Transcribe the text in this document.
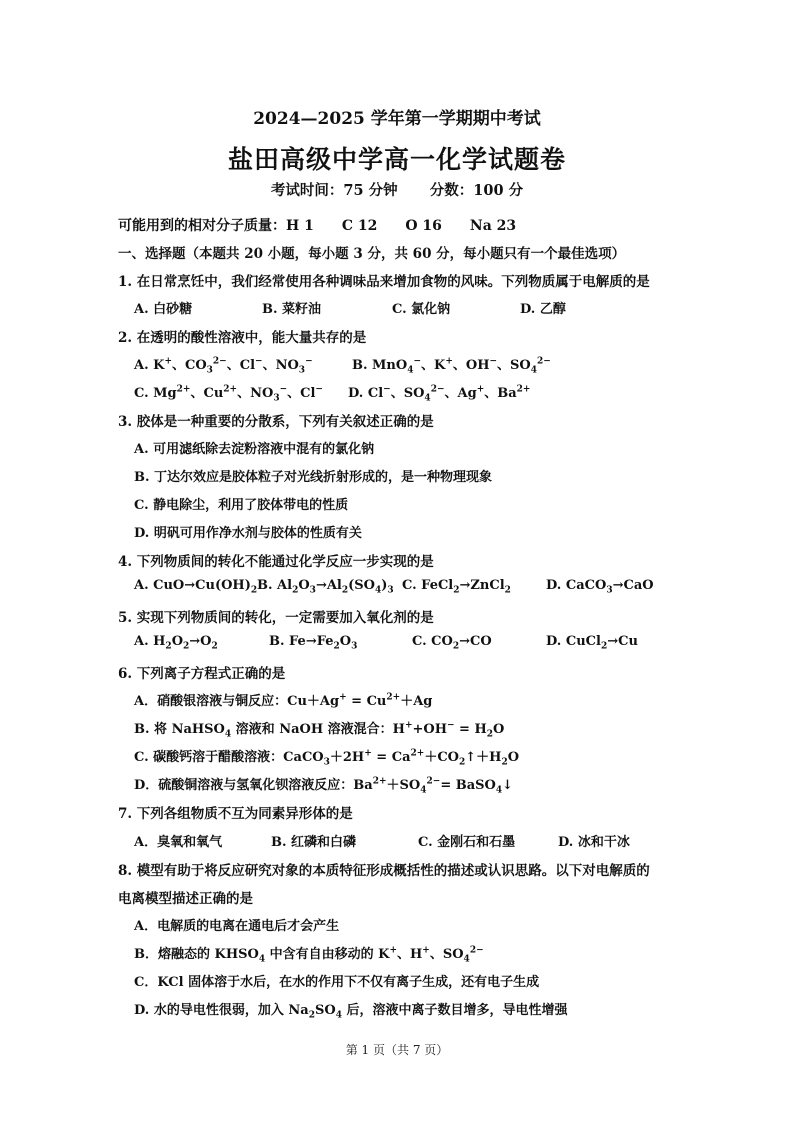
2024—2025 学年第一学期期中考试
盐田高级中学高一化学试题卷
考试时间：75 分钟 分数：100 分
可能用到的相对分子质量：H 1 C 12 O 16 Na 23
一、选择题（本题共 20 小题，每小题 3 分，共 60 分，每小题只有一个最佳选项）
1. 在日常烹饪中，我们经常使用各种调味品来增加食物的风味。下列物质属于电解质的是
A. 白砂糖	B. 菜籽油	C. 氯化钠	D. 乙醇
2. 在透明的酸性溶液中，能大量共存的是
A. K+、$CO_3^{2-}$、Cl−、$NO_3^-$	B. MnO$_4$−、K+、OH−、$SO_4^{2-}$
C. $Mg^{2+}$、$Cu^{2+}$、$NO_3^-$、Cl− D. Cl−、$SO_4^{2-}$、Ag+、$Ba^{2+}$
3. 胶体是一种重要的分散系，下列有关叙述正确的是
A. 可用滤纸除去淀粉溶液中混有的氯化钠
B. 丁达尔效应是胶体粒子对光线折射形成的，是一种物理现象
C. 静电除尘，利用了胶体带电的性质
D. 明矾可用作净水剂与胶体的性质有关
4. 下列物质间的转化不能通过化学反应一步实现的是
A. $CuO\to Cu(OH)_2$ B. $Al_2O_3\to Al_2(SO_4)_3$ C. FeCl$_2$→ZnCl$_2$	D. CaCO$_3$→CaO
5. 实现下列物质间的转化，一定需要加入氧化剂的是
A. $H_2O_2\to O_2$	B. $Fe\to Fe_2O_3$	C. $CO_2\to CO$	D. CuCl$_2$→Cu
6. 下列离子方程式正确的是
A．硝酸银溶液与铜反应：$Cu+Ag^+ = Cu^{2+}+Ag$
B. 将 NaHSO$_4$ 溶液和 NaOH 溶液混合：$H^++OH^- = H_2O$
C. 碳酸钙溶于醋酸溶液：CaCO$_3$＋2H+ = $Ca^{2+}+CO_2↑+H_2O$
D．硫酸铜溶液与氢氧化钡溶液反应：$Ba^{2+}+SO_4^{2-}=$ BaSO$_4$↓
7. 下列各组物质不互为同素异形体的是
A．臭氧和氧气	B. 红磷和白磷	C. 金刚石和石墨	D. 冰和干冰
8. 模型有助于将反应研究对象的本质特征形成概括性的描述或认识思路。以下对电解质的
电离模型描述正确的是
A．电解质的电离在通电后才会产生
B．熔融态的 $KHSO_4$ 中含有自由移动的 K+、H+、$SO_4^{2-}$
C．KCl 固体溶于水后，在水的作用下不仅有离子生成，还有电子生成
D. 水的导电性很弱，加入 $Na_2SO_4$ 后，溶液中离子数目增多，导电性增强
第 1 页（共 7 页）
